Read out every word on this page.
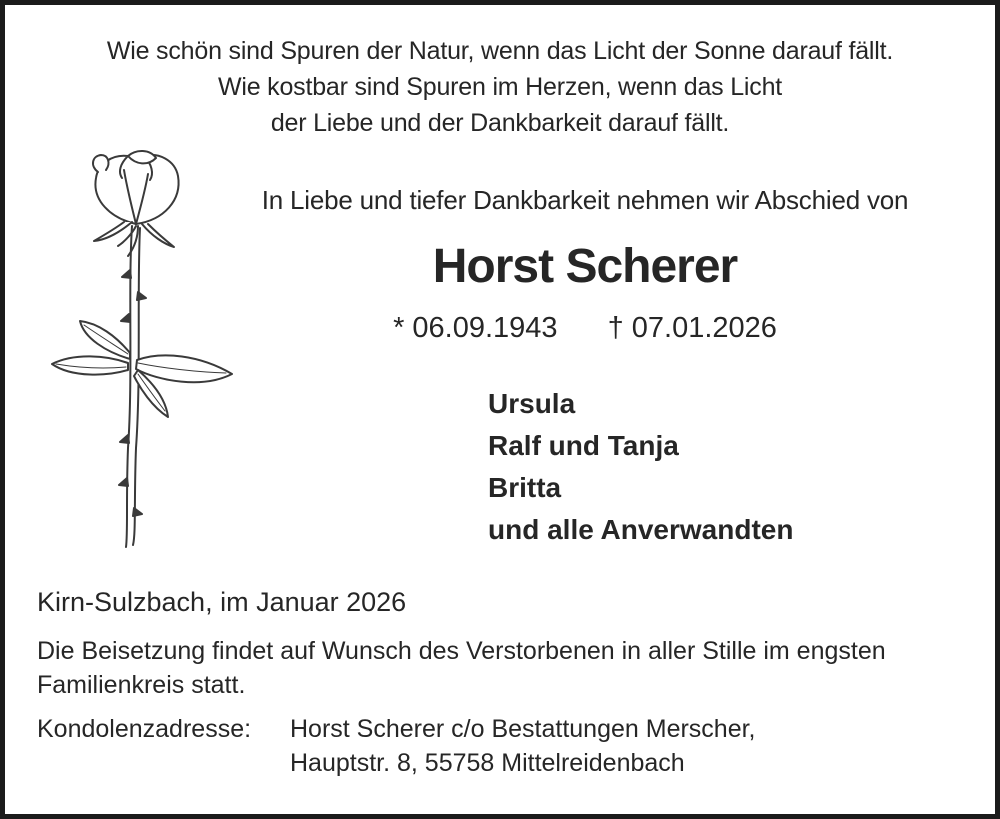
Wie schön sind Spuren der Natur, wenn das Licht der Sonne darauf fällt.
Wie kostbar sind Spuren im Herzen, wenn das Licht
der Liebe und der Dankbarkeit darauf fällt.
In Liebe und tiefer Dankbarkeit nehmen wir Abschied von
Horst Scherer
* 06.09.1943 † 07.01.2026
Ursula
Ralf und Tanja
Britta
und alle Anverwandten
Kirn-Sulzbach, im Januar 2026
Die Beisetzung findet auf Wunsch des Verstorbenen in aller Stille im engsten
Familienkreis statt.
Kondolenzadresse:	Horst Scherer c/o Bestattungen Merscher,
Hauptstr. 8, 55758 Mittelreidenbach
